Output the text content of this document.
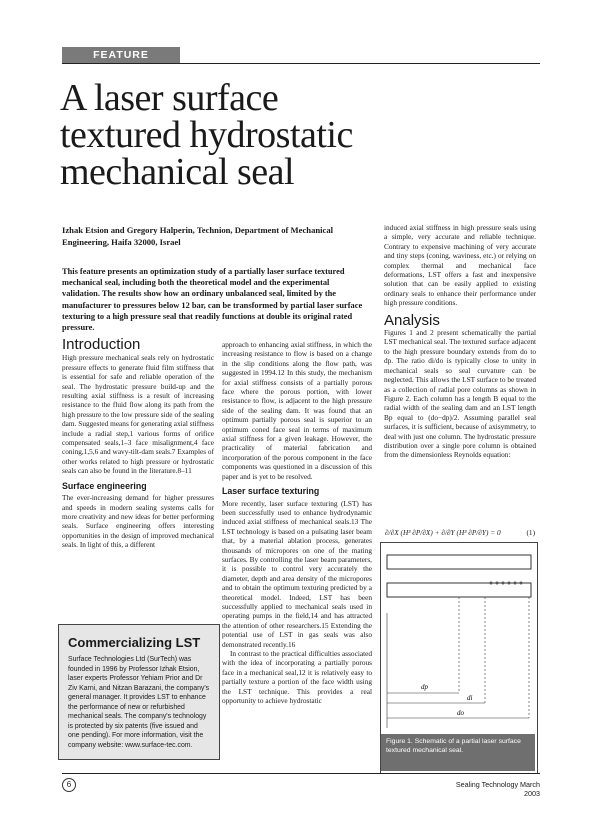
FEATURE
A laser surface textured hydrostatic mechanical seal
Izhak Etsion and Gregory Halperin, Technion, Department of Mechanical Engineering, Haifa 32000, Israel
This feature presents an optimization study of a partially laser surface textured mechanical seal, including both the theoretical model and the experimental validation. The results show how an ordinary unbalanced seal, limited by the manufacturer to pressures below 12 bar, can be transformed by partial laser surface texturing to a high pressure seal that readily functions at double its original rated pressure.
Introduction

High pressure mechanical seals rely on hydrostatic pressure effects to generate fluid film stiffness that is essential for safe and reliable operation of the seal. The hydrostatic pressure build-up and the resulting axial stiffness is a result of increasing resistance to the fluid flow along its path from the high pressure to the low pressure side of the sealing dam. Suggested means for generating axial stiffness include a radial step,1 various forms of orifice compensated seals,1–3 face misalignment,4 face coning,1,5,6 and wavy-tilt-dam seals.7 Examples of other works related to high pressure or hydrostatic seals can also be found in the literature.8–11

Surface engineering

The ever-increasing demand for higher pressures and speeds in modern sealing systems calls for more creativity and new ideas for better performing seals. Surface engineering offers interesting opportunities in the design of improved mechanical seals. In light of this, a different

Commercializing LST

Surface Technologies Ltd (SurTech) was founded in 1996 by Professor Izhak Etsion, laser experts Professor Yehiam Prior and Dr Ziv Karni, and Nitzan Barazani, the company's general manager. It provides LST to enhance the performance of new or refurbished mechanical seals. The company's technology is protected by six patents (five issued and one pending). For more information, visit the company website: www.surface-tec.com.

approach to enhancing axial stiffness, in which the increasing resistance to flow is based on a change in the slip conditions along the flow path, was suggested in 1994.12 In this study, the mechanism for axial stiffness consists of a partially porous face where the porous portion, with lower resistance to flow, is adjacent to the high pressure side of the sealing dam. It was found that an optimum partially porous seal is superior to an optimum coned face seal in terms of maximum axial stiffness for a given leakage. However, the practicality of material fabrication and incorporation of the porous component in the face components was questioned in a discussion of this paper and is yet to be resolved.

Laser surface texturing

More recently, laser surface texturing (LST) has been successfully used to enhance hydrodynamic induced axial stiffness of mechanical seals.13 The LST technology is based on a pulsating laser beam that, by a material ablation process, generates thousands of micropores on one of the mating surfaces. By controlling the laser beam parameters, it is possible to control very accurately the diameter, depth and area density of the micropores and to obtain the optimum texturing predicted by a theoretical model. Indeed, LST has been successfully applied to mechanical seals used in operating pumps in the field,14 and has attracted the attention of other researchers.15 Extending the potential use of LST in gas seals was also demonstrated recently.16

In contrast to the practical difficulties associated with the idea of incorporating a partially porous face in a mechanical seal,12 it is relatively easy to partially texture a portion of the face width using the LST technique. This provides a real opportunity to achieve hydrostatic

induced axial stiffness in high pressure seals using a simple, very accurate and reliable technique. Contrary to expensive machining of very accurate and tiny steps (coning, waviness, etc.) or relying on complex thermal and mechanical face deformations, LST offers a fast and inexpensive solution that can be easily applied to existing ordinary seals to enhance their performance under high pressure conditions.

Analysis

Figures 1 and 2 present schematically the partial LST mechanical seal. The textured surface adjacent to the high pressure boundary extends from do to dp. The ratio di/do is typically close to unity in mechanical seals so seal curvature can be neglected. This allows the LST surface to be treated as a collection of radial pore columns as shown in Figure 2. Each column has a length B equal to the radial width of the sealing dam and an LST length Bp equal to (do−dp)/2. Assuming parallel seal surfaces, it is sufficient, because of axisymmetry, to deal with just one column. The hydrostatic pressure distribution over a single pore column is obtained from the dimensionless Reynolds equation:

∂/∂X (H³ ∂P/∂X) + ∂/∂Y (H³ ∂P/∂Y) = 0	(1)
dp
di
do
Figure 1. Schematic of a partial laser surface textured mechanical seal.
6	Sealing Technology March 2003
